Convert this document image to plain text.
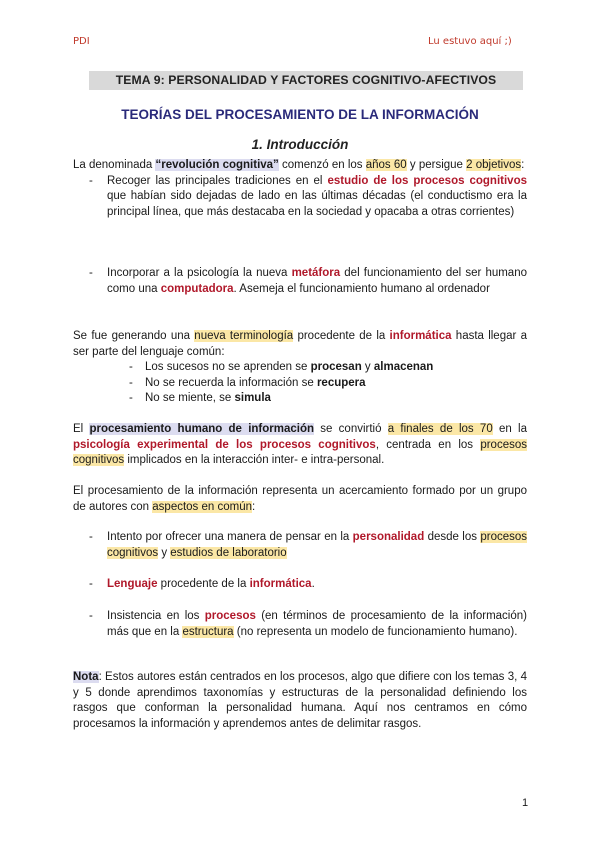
PDI	Lu estuvo aquí ;)
TEMA 9: PERSONALIDAD Y FACTORES COGNITIVO-AFECTIVOS
TEORÍAS DEL PROCESAMIENTO DE LA INFORMACIÓN
1. Introducción

La denominada “revolución cognitiva” comenzó en los años 60 y persigue 2 objetivos:

- Recoger las principales tradiciones en el estudio de los procesos cognitivos que habían sido dejadas de lado en las últimas décadas (el conductismo era la principal línea, que más destacaba en la sociedad y opacaba a otras corrientes)
- Incorporar a la psicología la nueva metáfora del funcionamiento del ser humano como una computadora. Asemeja el funcionamiento humano al ordenador

Se fue generando una nueva terminología procedente de la informática hasta llegar a ser parte del lenguaje común:

- Los sucesos no se aprenden se procesan y almacenan
- No se recuerda la información se recupera
- No se miente, se simula

El procesamiento humano de información se convirtió a finales de los 70 en la psicología experimental de los procesos cognitivos, centrada en los procesos cognitivos implicados en la interacción inter- e intra-personal.

El procesamiento de la información representa un acercamiento formado por un grupo de autores con aspectos en común:

- Intento por ofrecer una manera de pensar en la personalidad desde los procesos cognitivos y estudios de laboratorio
- Lenguaje procedente de la informática.
- Insistencia en los procesos (en términos de procesamiento de la información) más que en la estructura (no representa un modelo de funcionamiento humano).

Nota: Estos autores están centrados en los procesos, algo que difiere con los temas 3, 4 y 5 donde aprendimos taxonomías y estructuras de la personalidad definiendo los rasgos que conforman la personalidad humana. Aquí nos centramos en cómo procesamos la información y aprendemos antes de delimitar rasgos.

1
